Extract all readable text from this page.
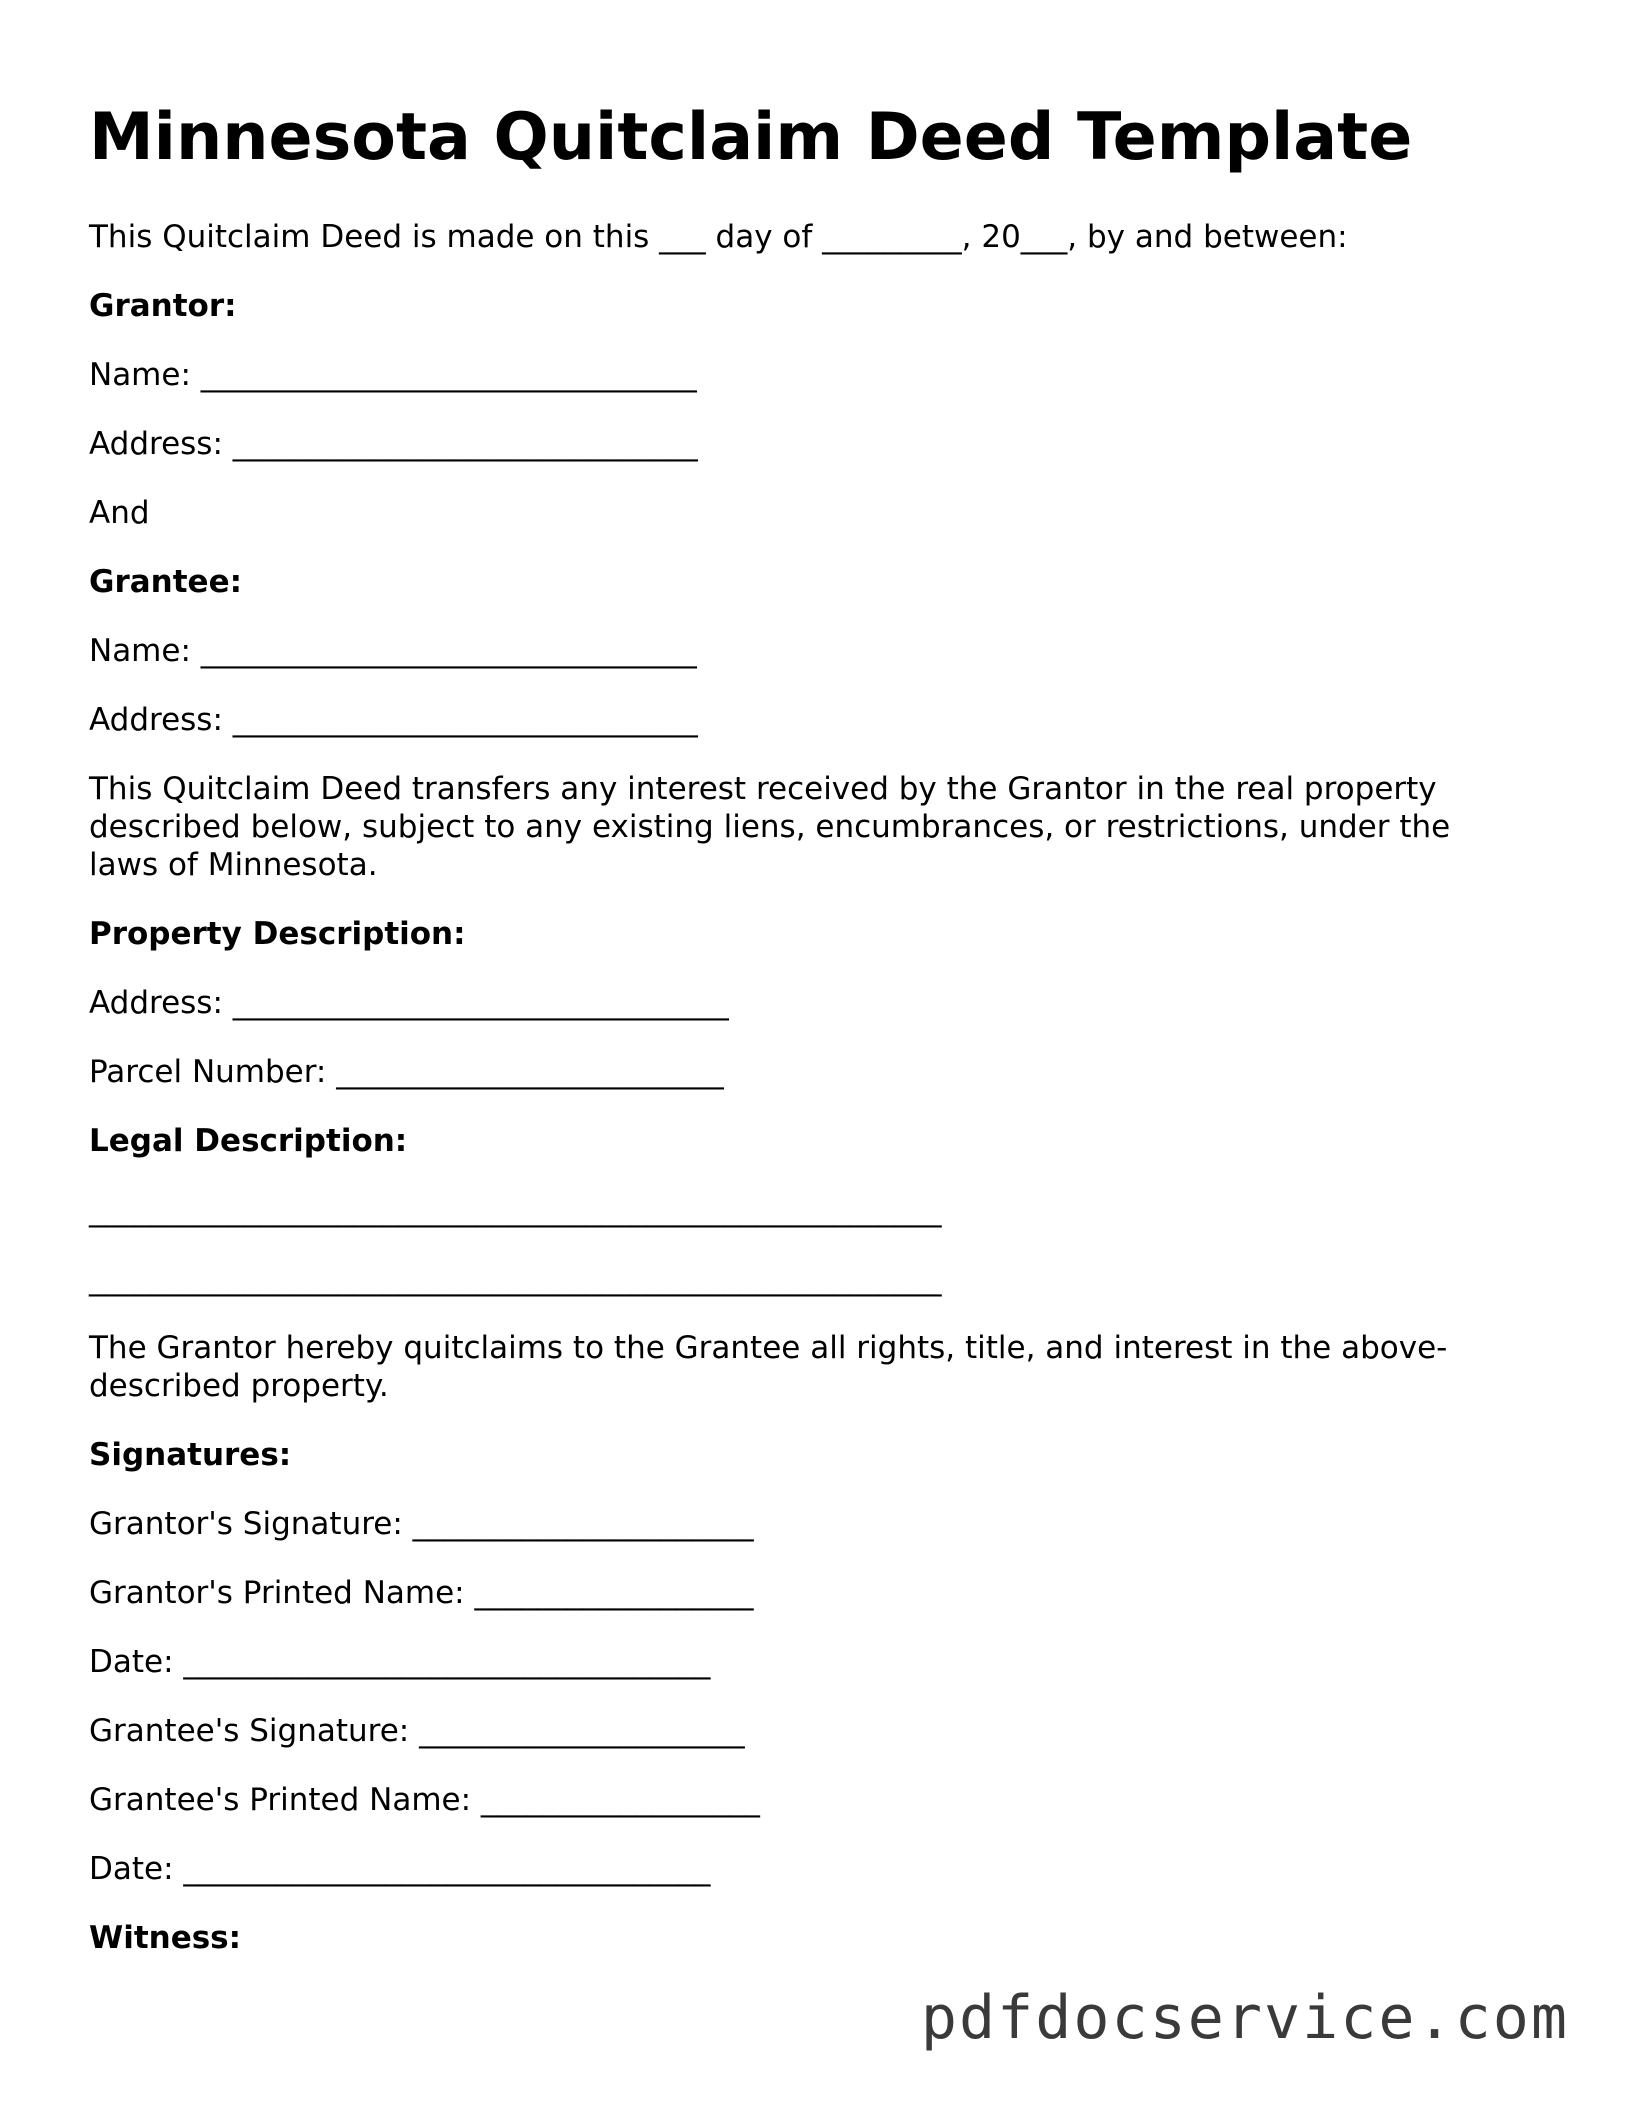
Minnesota Quitclaim Deed Template
This Quitclaim Deed is made on this ___ day of _________, 20___, by and between:
Grantor:
Name: ________________________________
Address: ______________________________
And
Grantee:
Name: ________________________________
Address: ______________________________
This Quitclaim Deed transfers any interest received by the Grantor in the real property described below, subject to any existing liens, encumbrances, or restrictions, under the laws of Minnesota.
Property Description:
Address: ________________________________
Parcel Number: _________________________
Legal Description:
_______________________________________________________
_______________________________________________________
The Grantor hereby quitclaims to the Grantee all rights, title, and interest in the above-described property.
Signatures:
Grantor's Signature: ______________________
Grantor's Printed Name: __________________
Date: __________________________________
Grantee's Signature: _____________________
Grantee's Printed Name: __________________
Date: __________________________________
Witness:
pdfdocservice.com
